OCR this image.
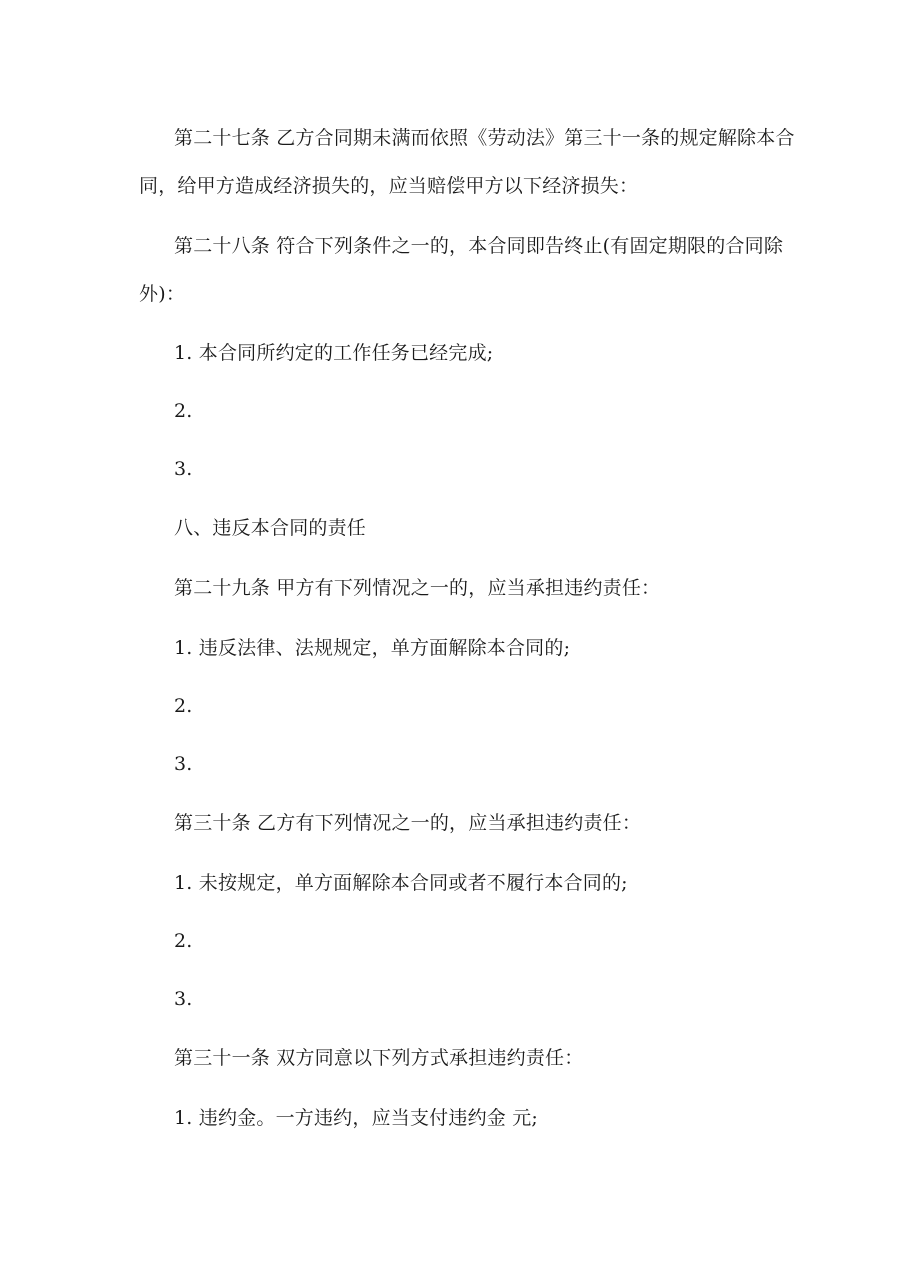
第二十七条 乙方合同期未满而依照《劳动法》第三十一条的规定解除本合
同，给甲方造成经济损失的，应当赔偿甲方以下经济损失：
第二十八条 符合下列条件之一的，本合同即告终止(有固定期限的合同除
外)：
1. 本合同所约定的工作任务已经完成;
2.
3.
八、违反本合同的责任
第二十九条 甲方有下列情况之一的，应当承担违约责任：
1. 违反法律、法规规定，单方面解除本合同的;
2.
3.
第三十条 乙方有下列情况之一的，应当承担违约责任：
1. 未按规定，单方面解除本合同或者不履行本合同的;
2.
3.
第三十一条 双方同意以下列方式承担违约责任：
1. 违约金。一方违约，应当支付违约金 元;
